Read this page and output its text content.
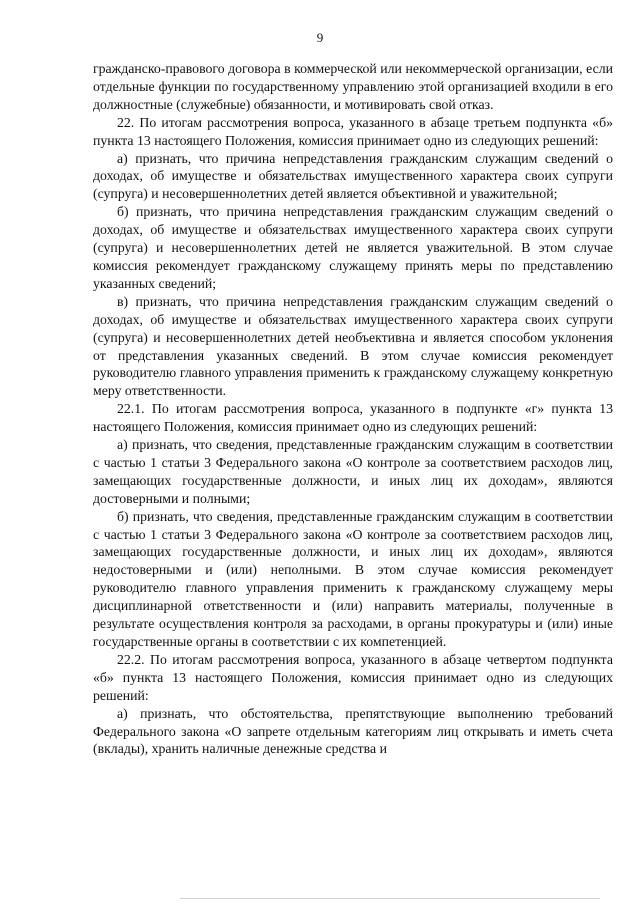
9

гражданско-правового договора в коммерческой или некоммерческой организации, если отдельные функции по государственному управлению этой организацией входили в его должностные (служебные) обязанности, и мотивировать свой отказ.

22. По итогам рассмотрения вопроса, указанного в абзаце третьем подпункта «б» пункта 13 настоящего Положения, комиссия принимает одно из следующих решений:

а) признать, что причина непредставления гражданским служащим сведений о доходах, об имуществе и обязательствах имущественного характера своих супруги (супруга) и несовершеннолетних детей является объективной и уважительной;

б) признать, что причина непредставления гражданским служащим сведений о доходах, об имуществе и обязательствах имущественного характера своих супруги (супруга) и несовершеннолетних детей не является уважительной. В этом случае комиссия рекомендует гражданскому служащему принять меры по представлению указанных сведений;

в) признать, что причина непредставления гражданским служащим сведений о доходах, об имуществе и обязательствах имущественного характера своих супруги (супруга) и несовершеннолетних детей необъективна и является способом уклонения от представления указанных сведений. В этом случае комиссия рекомендует руководителю главного управления применить к гражданскому служащему конкретную меру ответственности.

22.1. По итогам рассмотрения вопроса, указанного в подпункте «г» пункта 13 настоящего Положения, комиссия принимает одно из следующих решений:

а) признать, что сведения, представленные гражданским служащим в соответствии с частью 1 статьи 3 Федерального закона «О контроле за соответствием расходов лиц, замещающих государственные должности, и иных лиц их доходам», являются достоверными и полными;

б) признать, что сведения, представленные гражданским служащим в соответствии с частью 1 статьи 3 Федерального закона «О контроле за соответствием расходов лиц, замещающих государственные должности, и иных лиц их доходам», являются недостоверными и (или) неполными. В этом случае комиссия рекомендует руководителю главного управления применить к гражданскому служащему меры дисциплинарной ответственности и (или) направить материалы, полученные в результате осуществления контроля за расходами, в органы прокуратуры и (или) иные государственные органы в соответствии с их компетенцией.

22.2. По итогам рассмотрения вопроса, указанного в абзаце четвертом подпункта «б» пункта 13 настоящего Положения, комиссия принимает одно из следующих решений:

а) признать, что обстоятельства, препятствующие выполнению требований Федерального закона «О запрете отдельным категориям лиц открывать и иметь счета (вклады), хранить наличные денежные средства и
